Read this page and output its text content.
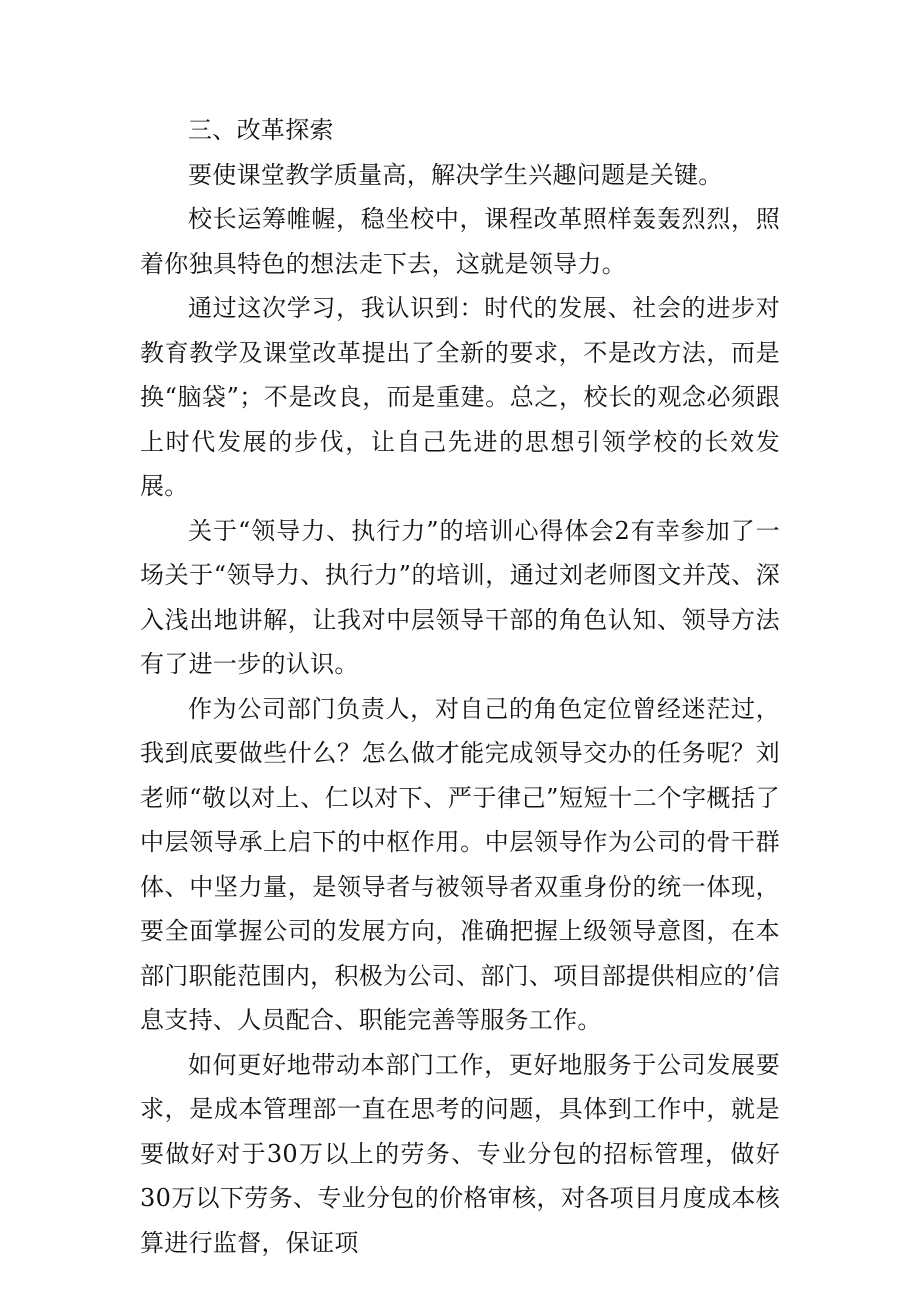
三、改革探索

要使课堂教学质量高，解决学生兴趣问题是关键。

校长运筹帷幄，稳坐校中，课程改革照样轰轰烈烈，照着你独具特色的想法走下去，这就是领导力。

通过这次学习，我认识到：时代的发展、社会的进步对教育教学及课堂改革提出了全新的要求，不是改方法，而是换“脑袋”；不是改良，而是重建。总之，校长的观念必须跟上时代发展的步伐，让自己先进的思想引领学校的长效发展。

关于“领导力、执行力”的培训心得体会2有幸参加了一场关于“领导力、执行力”的培训，通过刘老师图文并茂、深入浅出地讲解，让我对中层领导干部的角色认知、领导方法有了进一步的认识。

作为公司部门负责人，对自己的角色定位曾经迷茫过，我到底要做些什么？怎么做才能完成领导交办的任务呢？刘老师“敬以对上、仁以对下、严于律己”短短十二个字概括了中层领导承上启下的中枢作用。中层领导作为公司的骨干群体、中坚力量，是领导者与被领导者双重身份的统一体现，要全面掌握公司的发展方向，准确把握上级领导意图，在本部门职能范围内，积极为公司、部门、项目部提供相应的’信息支持、人员配合、职能完善等服务工作。

如何更好地带动本部门工作，更好地服务于公司发展要求，是成本管理部一直在思考的问题，具体到工作中，就是要做好对于30万以上的劳务、专业分包的招标管理，做好30万以下劳务、专业分包的价格审核，对各项目月度成本核算进行监督，保证项
